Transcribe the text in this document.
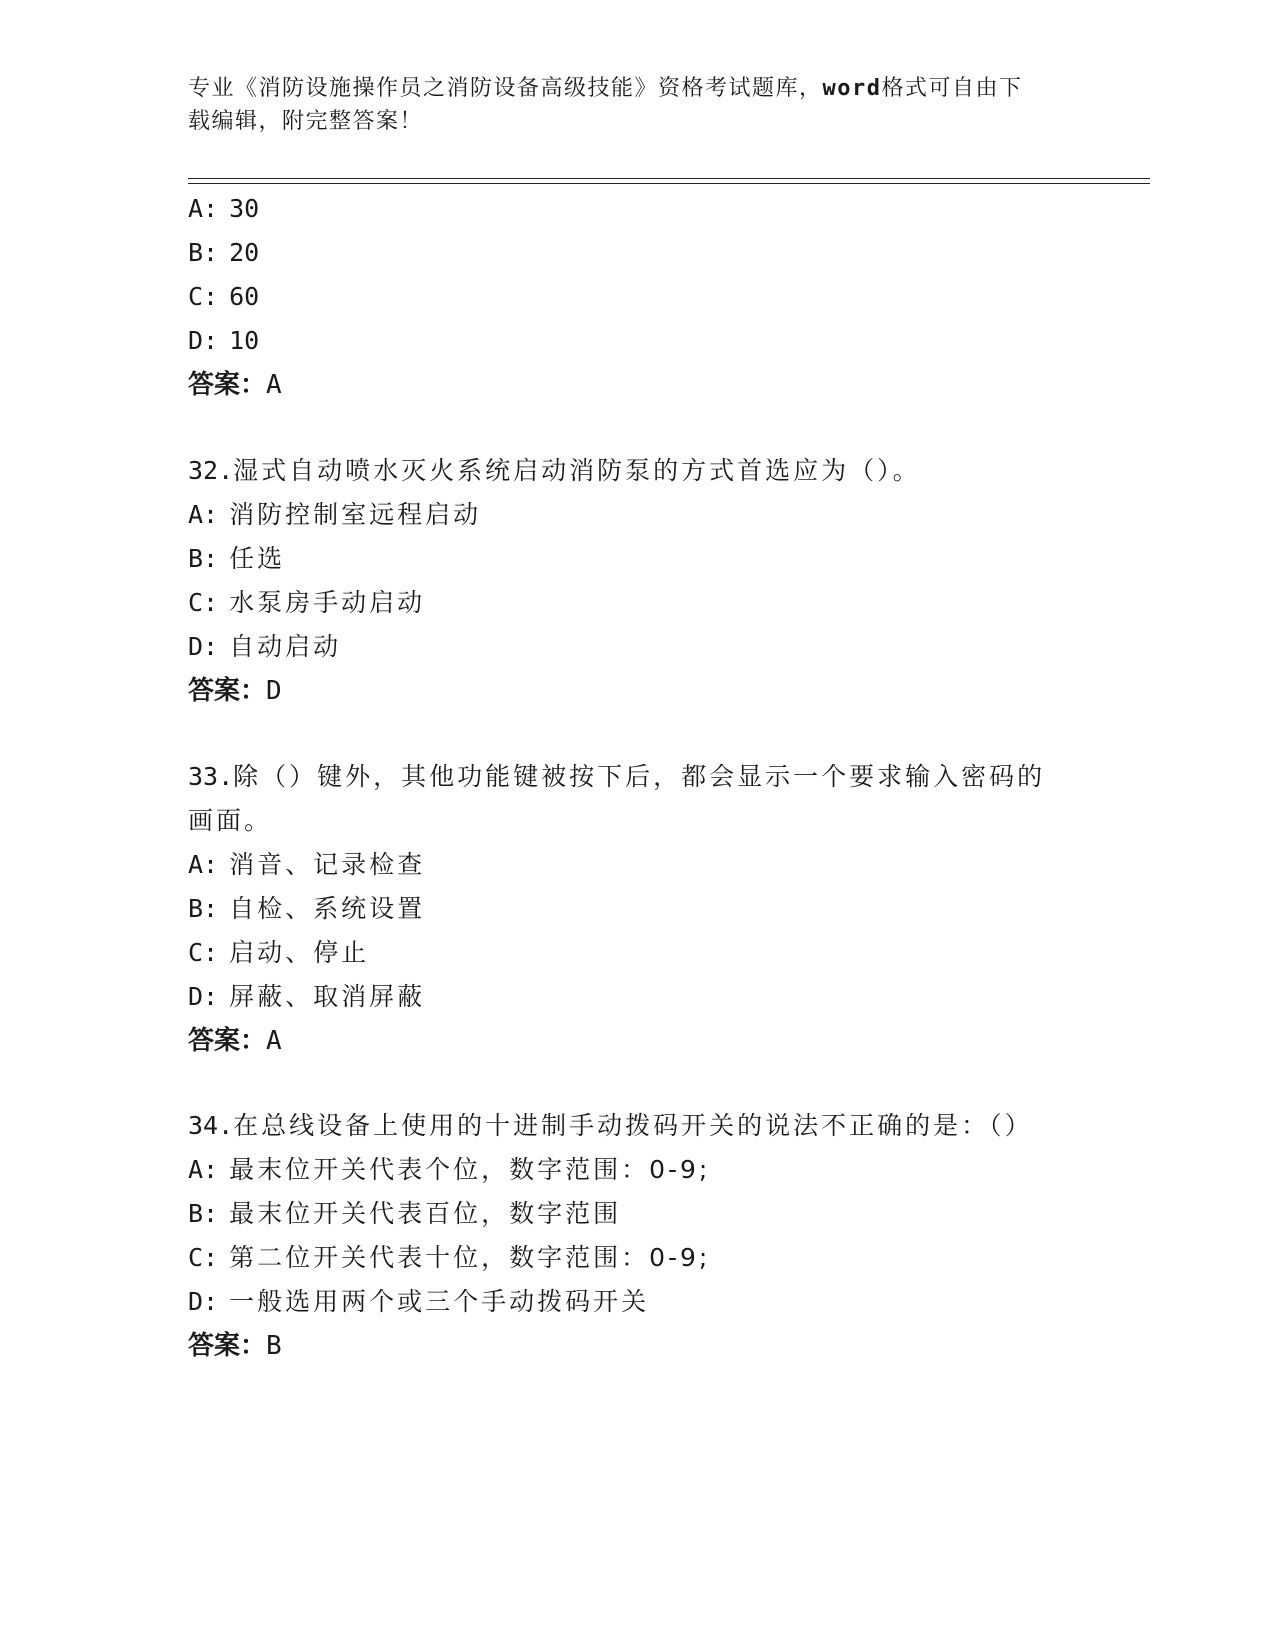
专业《消防设施操作员之消防设备高级技能》资格考试题库，word格式可自由下
载编辑，附完整答案！
A: 30
B: 20
C: 60
D: 10
答案：A
32.湿式自动喷水灭火系统启动消防泵的方式首选应为（）。
A: 消防控制室远程启动
B: 任选
C: 水泵房手动启动
D: 自动启动
答案：D
33.除（）键外，其他功能键被按下后，都会显示一个要求输入密码的
画面。
A: 消音、记录检查
B: 自检、系统设置
C: 启动、停止
D: 屏蔽、取消屏蔽
答案：A
34.在总线设备上使用的十进制手动拨码开关的说法不正确的是：（）
A: 最末位开关代表个位，数字范围：0-9;
B: 最末位开关代表百位，数字范围
C: 第二位开关代表十位，数字范围：0-9;
D: 一般选用两个或三个手动拨码开关
答案：B
